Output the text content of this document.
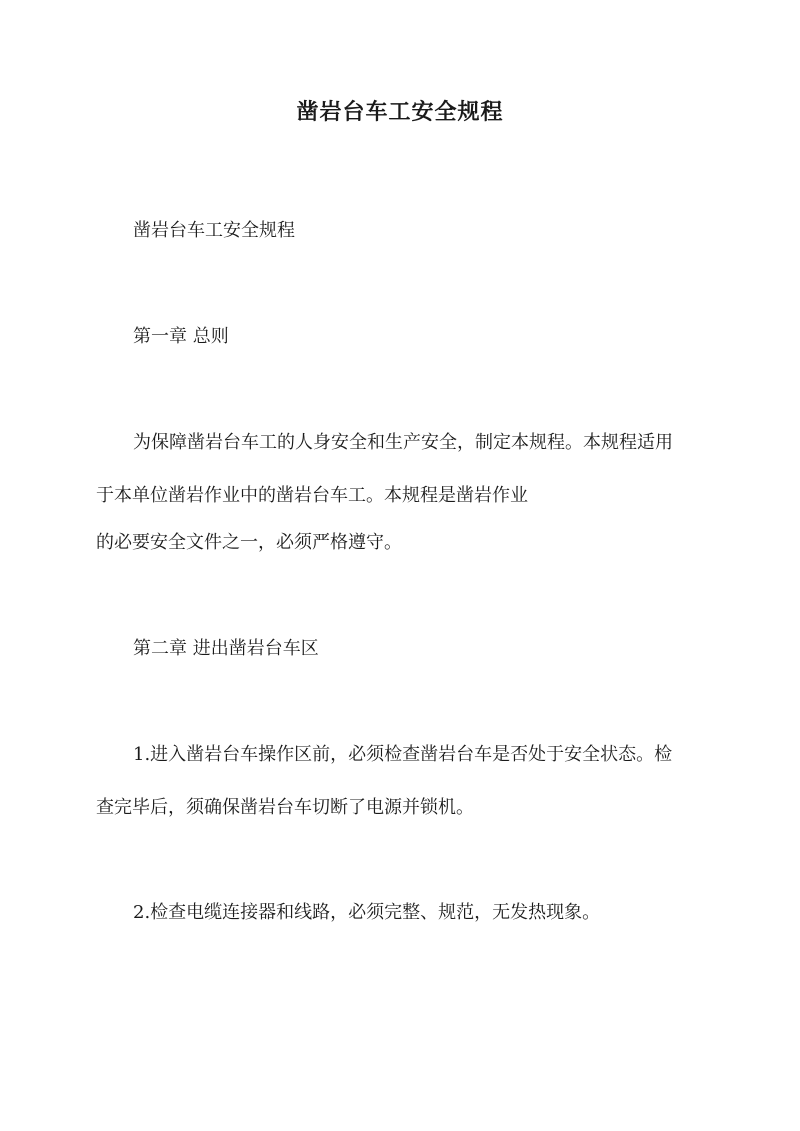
凿岩台车工安全规程
凿岩台车工安全规程
第一章 总则
为保障凿岩台车工的人身安全和生产安全，制定本规程。本规程适用
于本单位凿岩作业中的凿岩台车工。本规程是凿岩作业
的必要安全文件之一，必须严格遵守。
第二章 进出凿岩台车区
1.进入凿岩台车操作区前，必须检查凿岩台车是否处于安全状态。检
查完毕后，须确保凿岩台车切断了电源并锁机。
2.检查电缆连接器和线路，必须完整、规范，无发热现象。
